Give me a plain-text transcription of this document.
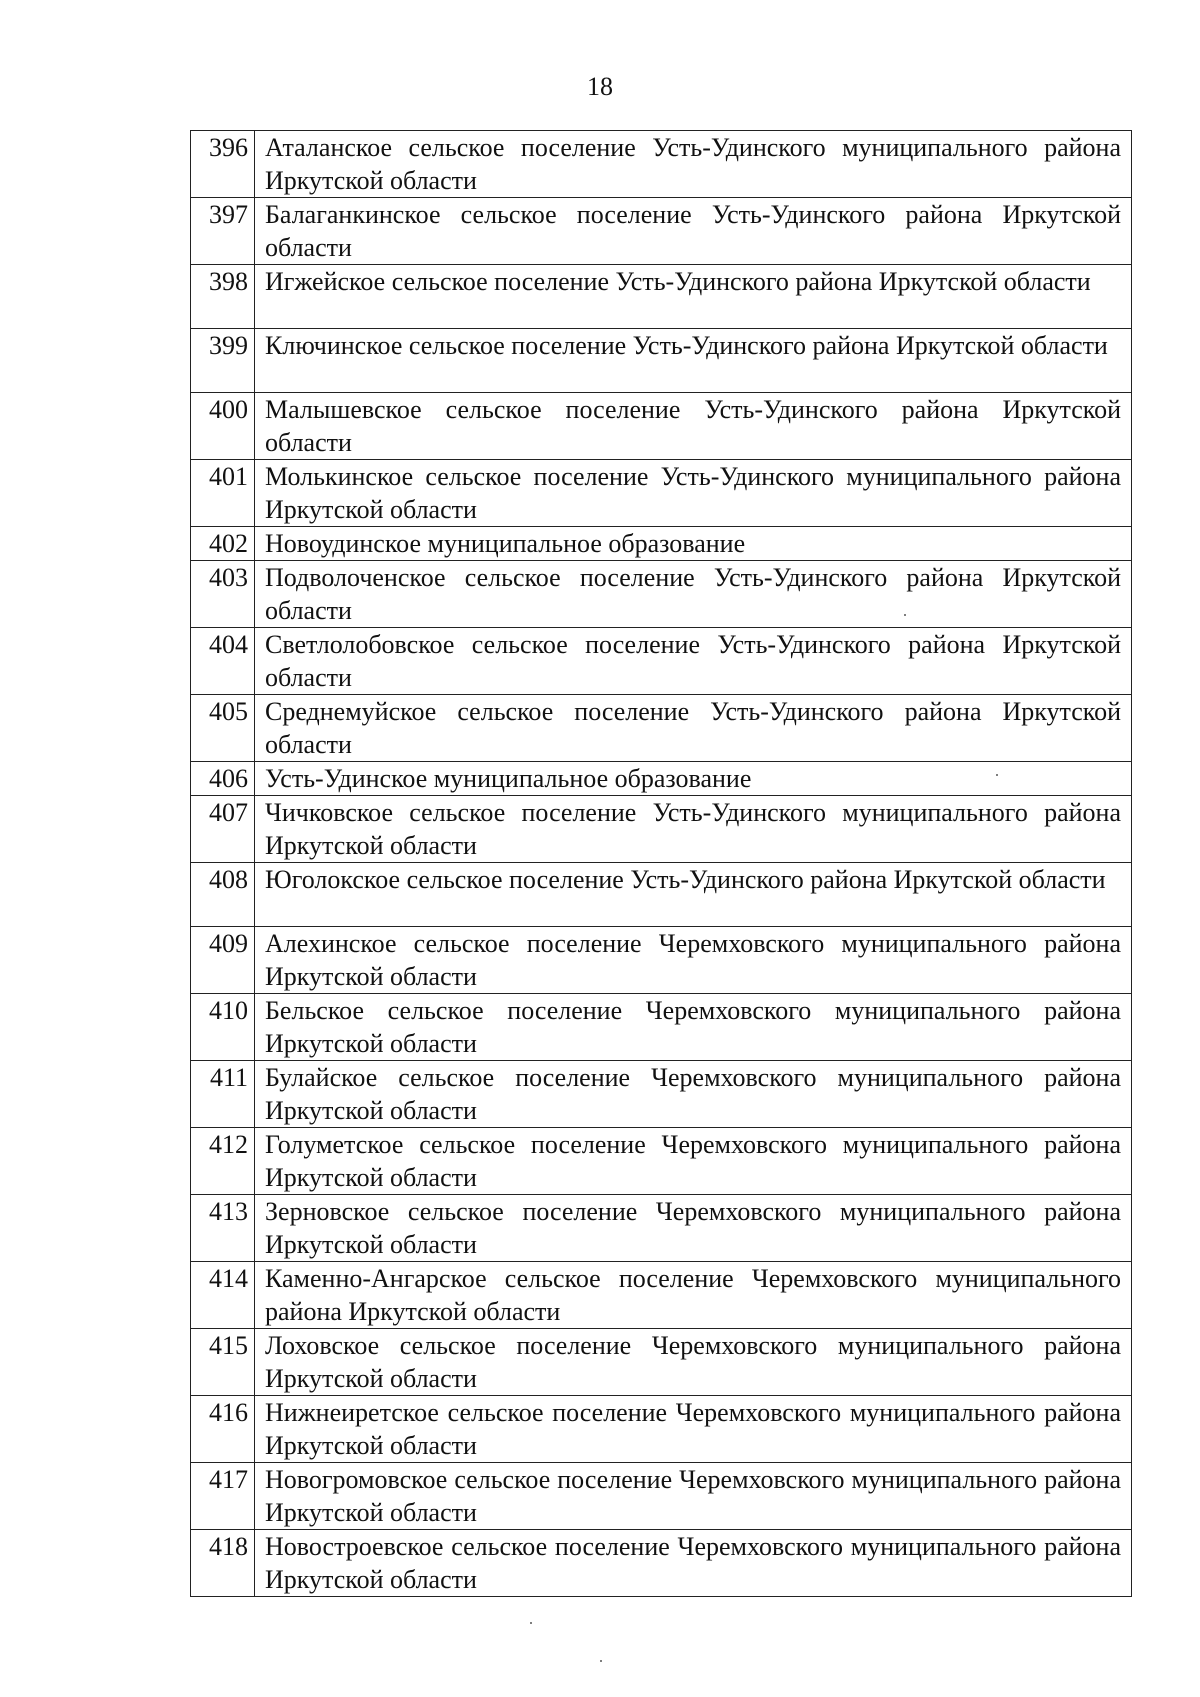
18
396	Аталанское сельское поселение Усть-Удинского муниципального района Иркутской области
397	Балаганкинское сельское поселение Усть-Удинского района Иркутской области
398	Игжейское сельское поселение Усть-Удинского района Иркутской области
399	Ключинское сельское поселение Усть-Удинского района Иркутской области
400	Малышевское сельское поселение Усть-Удинского района Иркутской области
401	Молькинское сельское поселение Усть-Удинского муниципального района Иркутской области
402	Новоудинское муниципальное образование
403	Подволоченское сельское поселение Усть-Удинского района Иркутской области
404	Светлолобовское сельское поселение Усть-Удинского района Иркутской области
405	Среднемуйское сельское поселение Усть-Удинского района Иркутской области
406	Усть-Удинское муниципальное образование
407	Чичковское сельское поселение Усть-Удинского муниципального района Иркутской области
408	Юголокское сельское поселение Усть-Удинского района Иркутской области
409	Алехинское сельское поселение Черемховского муниципального района Иркутской области
410	Бельское сельское поселение Черемховского муниципального района Иркутской области
411	Булайское сельское поселение Черемховского муниципального района Иркутской области
412	Голуметское сельское поселение Черемховского муниципального района Иркутской области
413	Зерновское сельское поселение Черемховского муниципального района Иркутской области
414	Каменно-Ангарское сельское поселение Черемховского муниципального района Иркутской области
415	Лоховское сельское поселение Черемховского муниципального района Иркутской области
416	Нижнеиретское сельское поселение Черемховского муниципального района Иркутской области
417	Новогромовское сельское поселение Черемховского муниципального района Иркутской области
418	Новостроевское сельское поселение Черемховского муниципального района Иркутской области
